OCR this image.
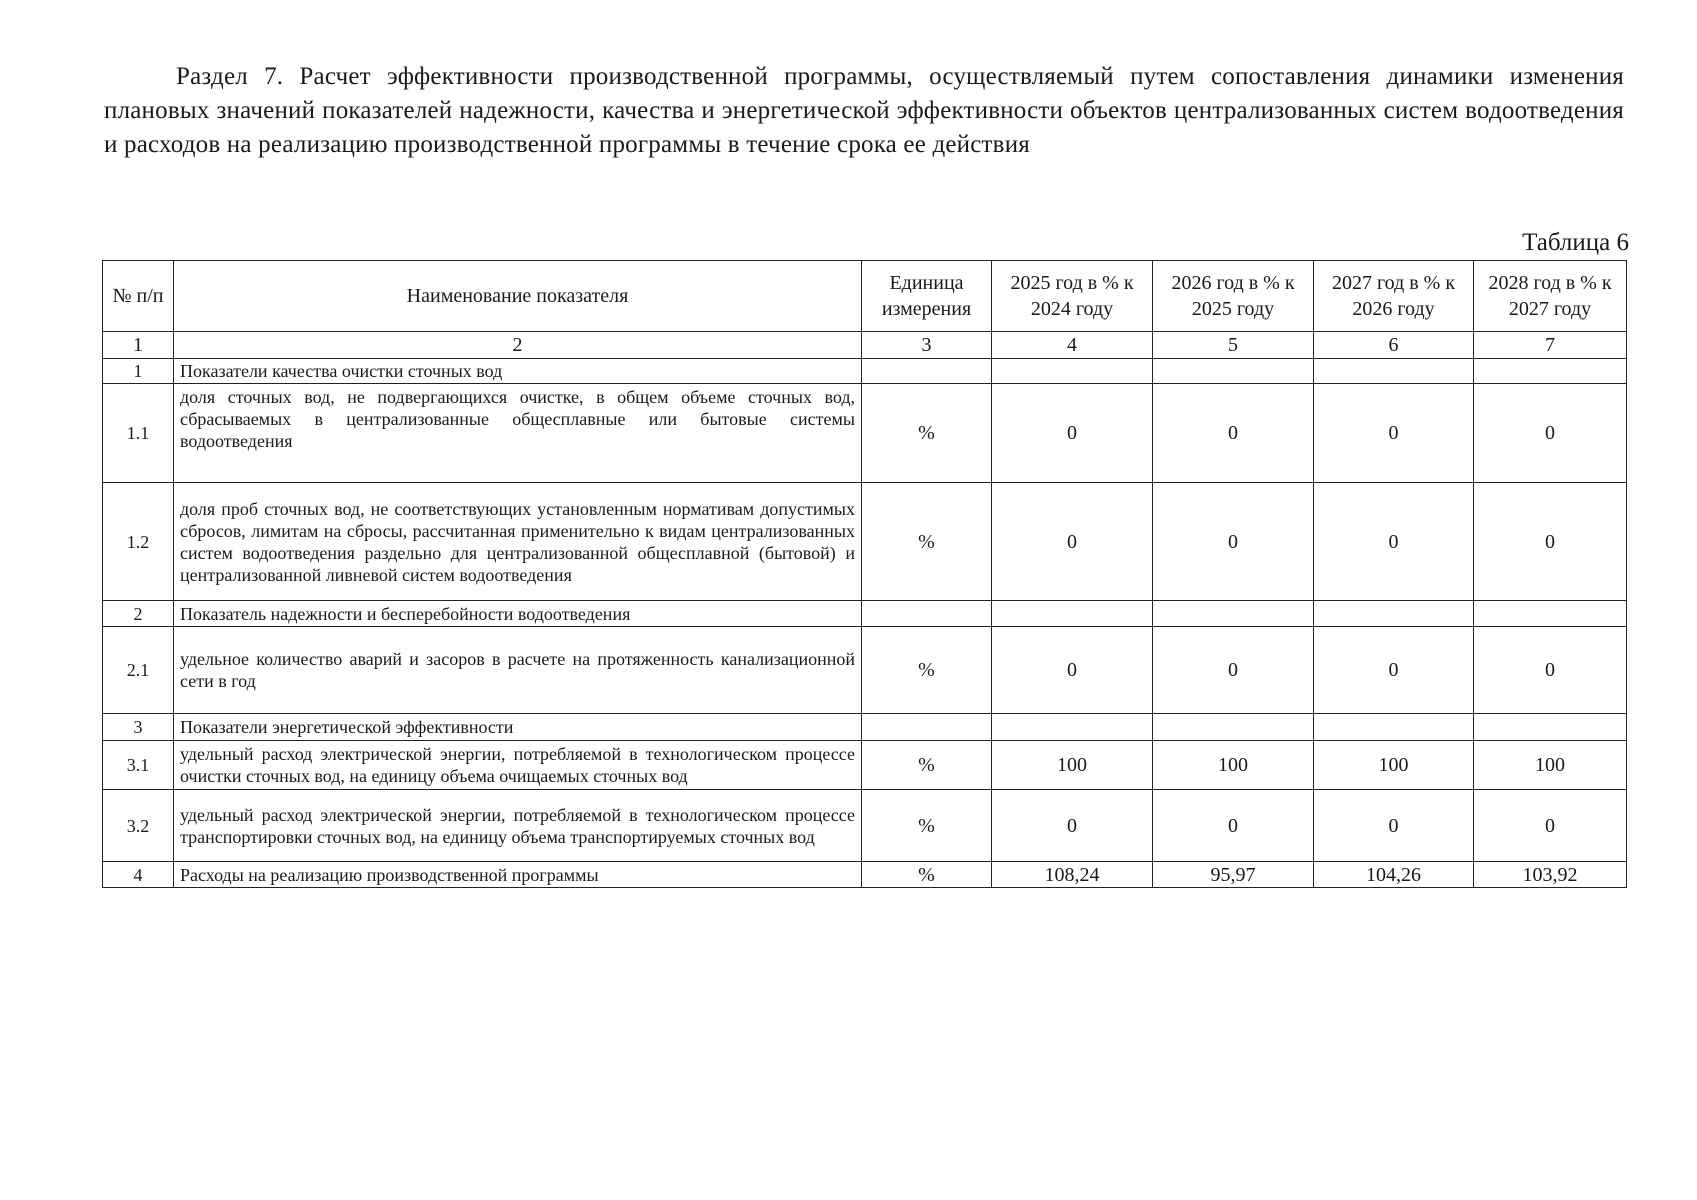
Раздел 7. Расчет эффективности производственной программы, осуществляемый путем сопоставления динамики изменения плановых значений показателей надежности, качества и энергетической эффективности объектов централизованных систем водоотведения и расходов на реализацию производственной программы в течение срока ее действия

Таблица 6

№ п/п	Наименование показателя	Единица измерения	2025 год в % к 2024 году	2026 год в % к 2025 году	2027 год в % к 2026 году	2028 год в % к 2027 году
1	2	3	4	5	6	7
1	Показатели качества очистки сточных вод					
1.1	доля сточных вод, не подвергающихся очистке, в общем объеме сточных вод, сбрасываемых в централизованные общесплавные или бытовые системы водоотведения	%	0	0	0	0
1.2	доля проб сточных вод, не соответствующих установленным нормативам допустимых сбросов, лимитам на сбросы, рассчитанная применительно к видам централизованных систем водоотведения раздельно для централизованной общесплавной (бытовой) и централизованной ливневой систем водоотведения	%	0	0	0	0
2	Показатель надежности и бесперебойности водоотведения					
2.1	удельное количество аварий и засоров в расчете на протяженность канализационной сети в год	%	0	0	0	0
3	Показатели энергетической эффективности					
3.1	удельный расход электрической энергии, потребляемой в технологическом процессе очистки сточных вод, на единицу объема очищаемых сточных вод	%	100	100	100	100
3.2	удельный расход электрической энергии, потребляемой в технологическом процессе транспортировки сточных вод, на единицу объема транспортируемых сточных вод	%	0	0	0	0
4	Расходы на реализацию производственной программы	%	108,24	95,97	104,26	103,92
